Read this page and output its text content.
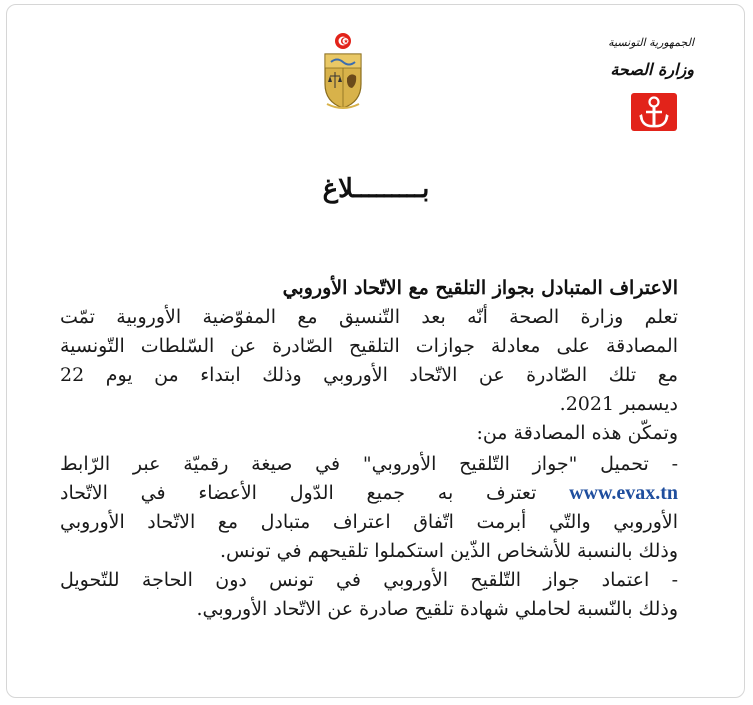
الجمهورية التونسية
وزارة الصحة
بـــــــــلاغ
الاعتراف المتبادل بجواز التلقيح مع الاتّحاد الأوروبي
تعلم وزارة الصحة أنّه بعد التّنسيق مع المفوّضية الأوروبية تمّت
المصادقة على معادلة جوازات التلقيح الصّادرة عن السّلطات التّونسية
مع تلك الصّادرة عن الاتّحاد الأوروبي وذلك ابتداء من يوم 22
ديسمبر 2021.
وتمكّن هذه المصادقة من:
- تحميل "جواز التّلقيح الأوروبي" في صيغة رقميّة عبر الرّابط
www.evax.tn تعترف به جميع الدّول الأعضاء في الاتّحاد
الأوروبي والتّي أبرمت اتّفاق اعتراف متبادل مع الاتّحاد الأوروبي
وذلك بالنسبة للأشخاص الذّين استكملوا تلقيحهم في تونس.
- اعتماد جواز التّلقيح الأوروبي في تونس دون الحاجة للتّحويل
وذلك بالنّسبة لحاملي شهادة تلقيح صادرة عن الاتّحاد الأوروبي.
